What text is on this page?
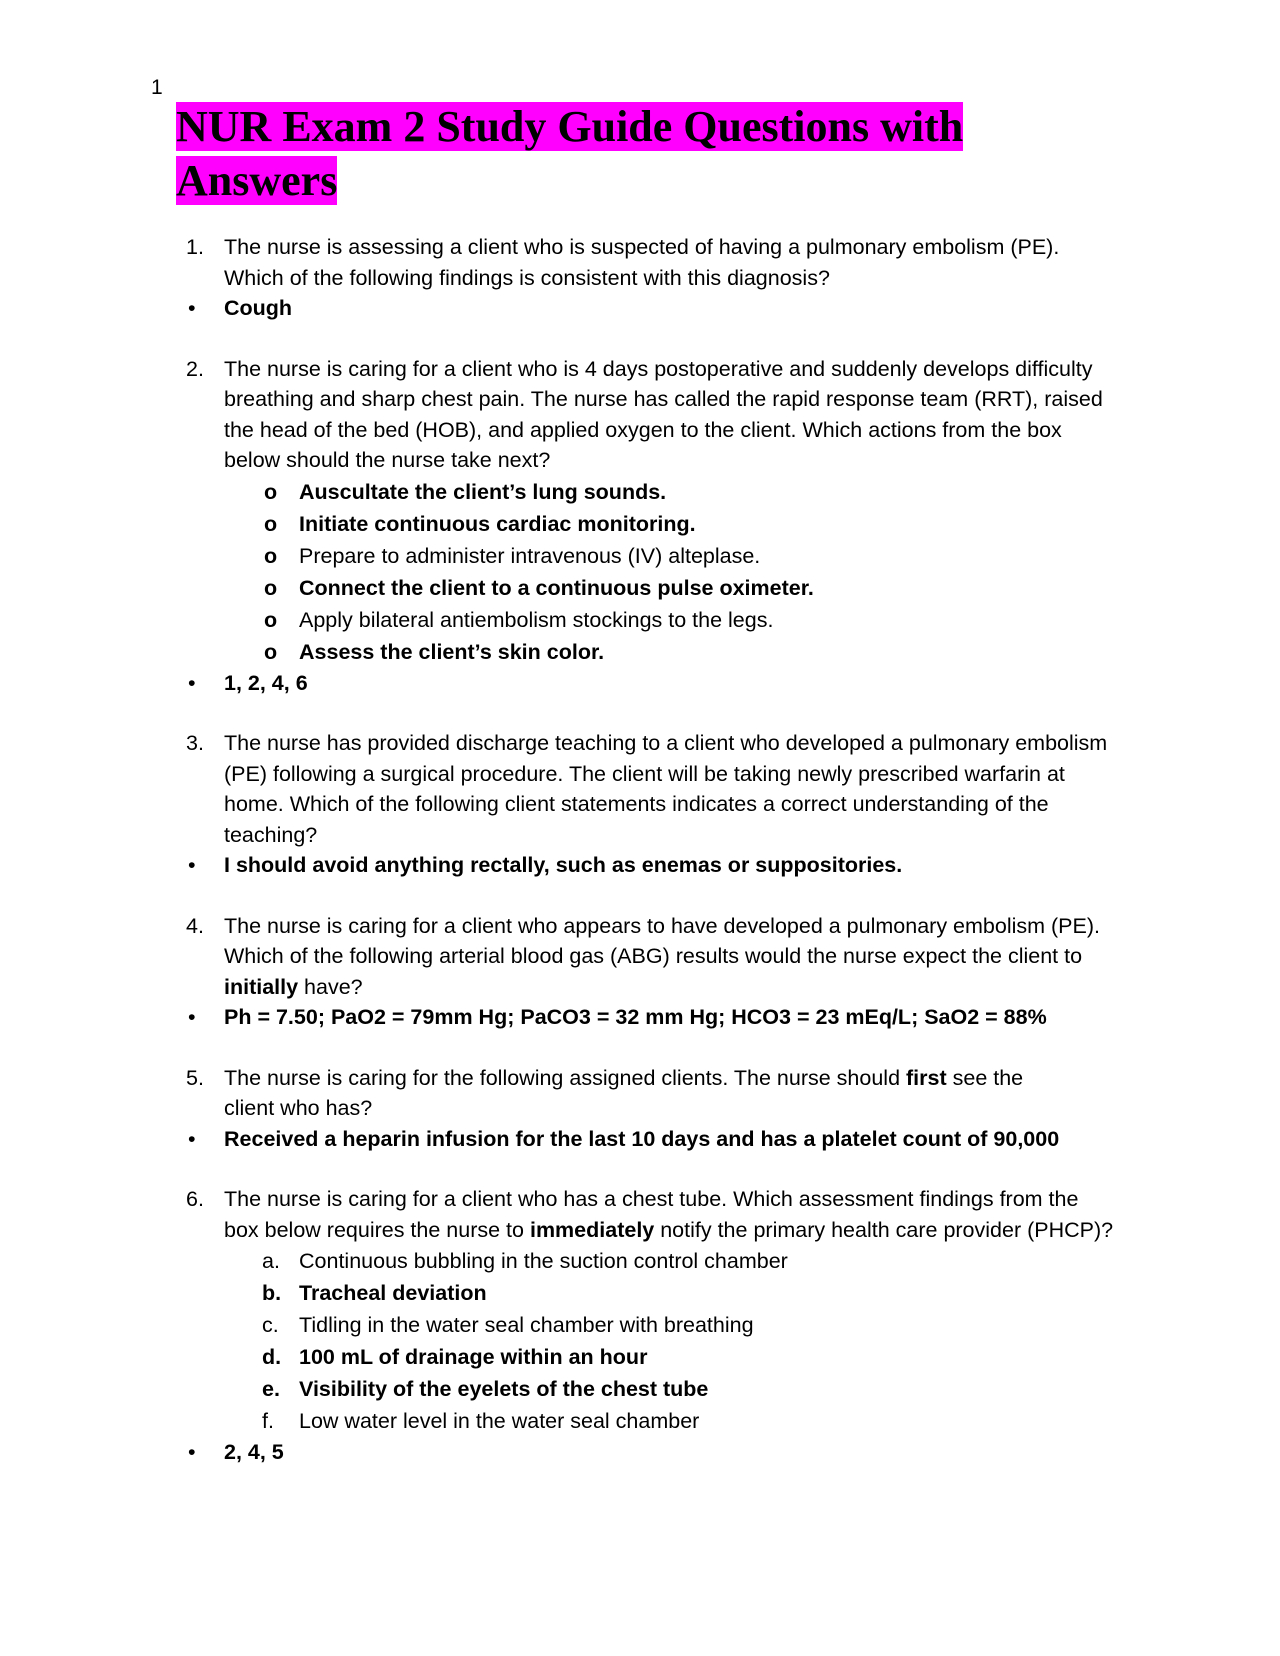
1
NUR Exam 2 Study Guide Questions with
Answers
1. The nurse is assessing a client who is suspected of having a pulmonary embolism (PE). Which of the following findings is consistent with this diagnosis?
• Cough
2. The nurse is caring for a client who is 4 days postoperative and suddenly develops difficulty breathing and sharp chest pain. The nurse has called the rapid response team (RRT), raised the head of the bed (HOB), and applied oxygen to the client. Which actions from the box below should the nurse take next?
o Auscultate the client’s lung sounds.
o Initiate continuous cardiac monitoring.
o Prepare to administer intravenous (IV) alteplase.
o Connect the client to a continuous pulse oximeter.
o Apply bilateral antiembolism stockings to the legs.
o Assess the client’s skin color.
• 1, 2, 4, 6
3. The nurse has provided discharge teaching to a client who developed a pulmonary embolism (PE) following a surgical procedure. The client will be taking newly prescribed warfarin at home. Which of the following client statements indicates a correct understanding of the teaching?
• I should avoid anything rectally, such as enemas or suppositories.
4. The nurse is caring for a client who appears to have developed a pulmonary embolism (PE). Which of the following arterial blood gas (ABG) results would the nurse expect the client to initially have?
• Ph = 7.50; PaO2 = 79mm Hg; PaCO3 = 32 mm Hg; HCO3 = 23 mEq/L; SaO2 = 88%
5. The nurse is caring for the following assigned clients. The nurse should first see the client who has?
• Received a heparin infusion for the last 10 days and has a platelet count of 90,000
6. The nurse is caring for a client who has a chest tube. Which assessment findings from the box below requires the nurse to immediately notify the primary health care provider (PHCP)?
a. Continuous bubbling in the suction control chamber
b. Tracheal deviation
c. Tidling in the water seal chamber with breathing
d. 100 mL of drainage within an hour
e. Visibility of the eyelets of the chest tube
f. Low water level in the water seal chamber
• 2, 4, 5
